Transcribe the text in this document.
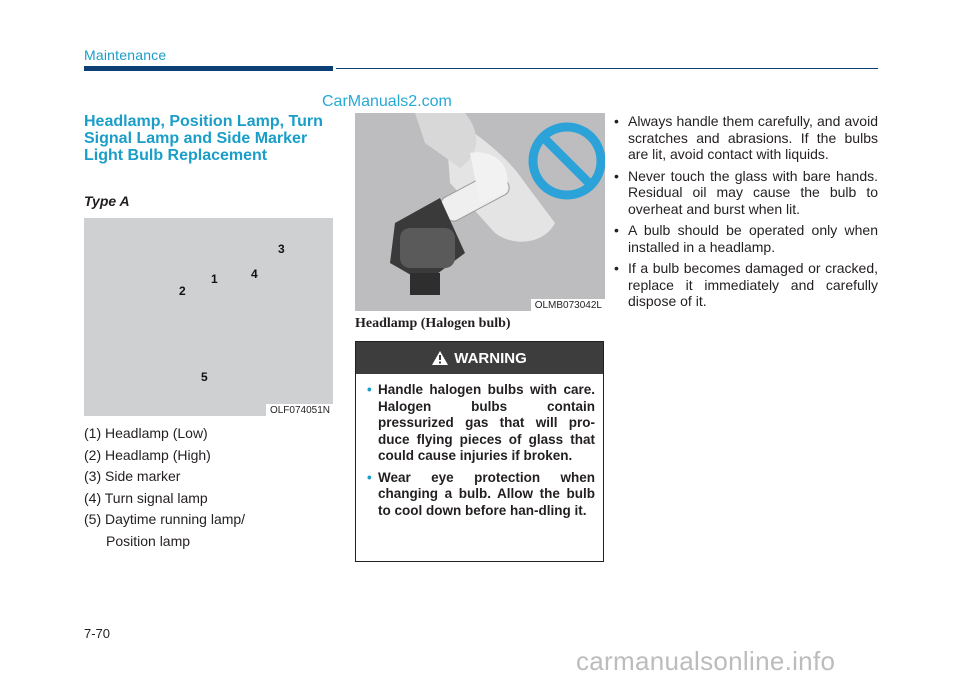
Maintenance
CarManuals2.com
Headlamp, Position Lamp, Turn Signal Lamp and Side Marker Light Bulb Replacement
Type A
1
2
3
4
5
OLF074051N
(1) Headlamp (Low)
(2) Headlamp (High)
(3) Side marker
(4) Turn signal lamp
(5) Daytime running lamp/
Position lamp
OLMB073042L
Headlamp (Halogen bulb)
WARNING
• Handle halogen bulbs with care. Halogen bulbs contain pressurized gas that will pro-duce flying pieces of glass that could cause injuries if broken.
• Wear eye protection when changing a bulb. Allow the bulb to cool down before han-dling it.
• Always handle them carefully, and avoid scratches and abrasions. If the bulbs are lit, avoid contact with liquids.
• Never touch the glass with bare hands. Residual oil may cause the bulb to overheat and burst when lit.
• A bulb should be operated only when installed in a headlamp.
• If a bulb becomes damaged or cracked, replace it immediately and carefully dispose of it.
7-70
carmanualsonline.info
